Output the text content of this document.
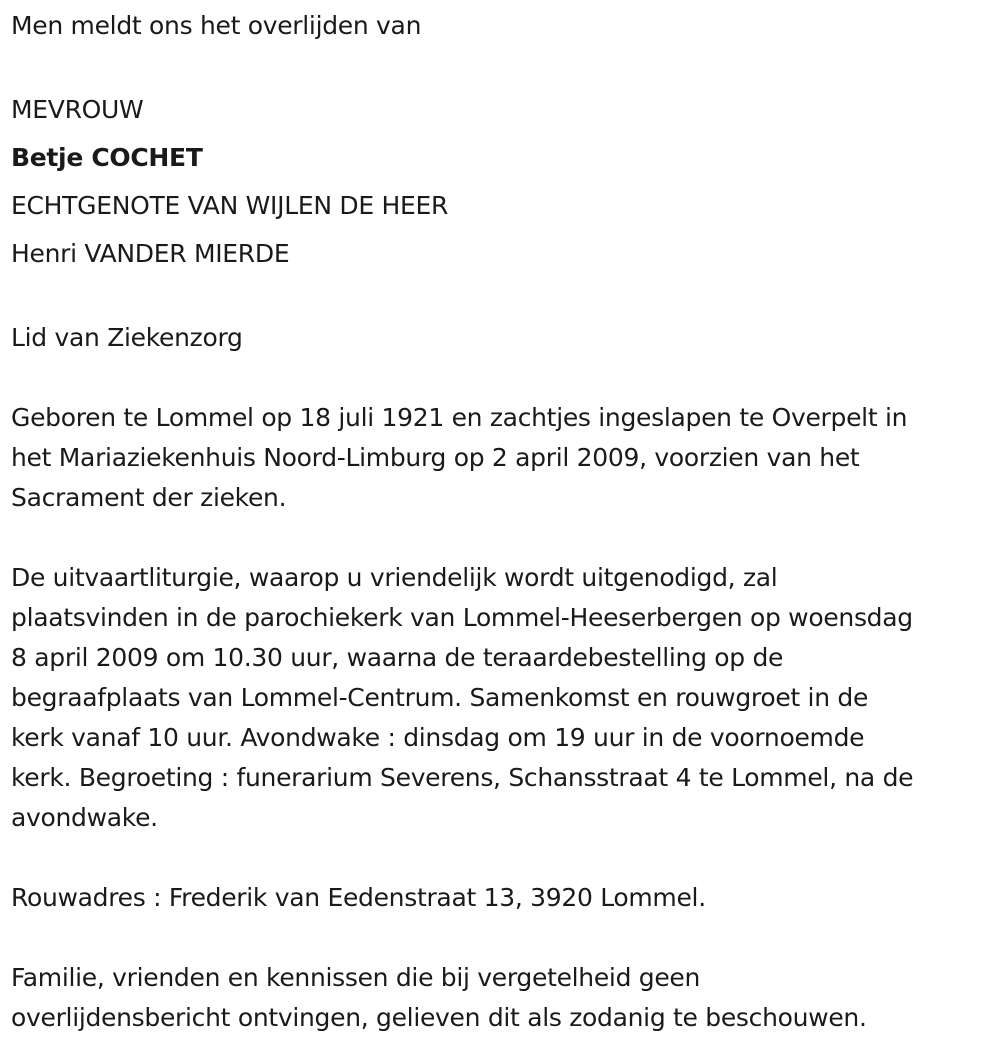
Men meldt ons het overlijden van
MEVROUW
Betje COCHET
ECHTGENOTE VAN WIJLEN DE HEER
Henri VANDER MIERDE
Lid van Ziekenzorg
Geboren te Lommel op 18 juli 1921 en zachtjes ingeslapen te Overpelt in
het Mariaziekenhuis Noord-Limburg op 2 april 2009, voorzien van het
Sacrament der zieken.
De uitvaartliturgie, waarop u vriendelijk wordt uitgenodigd, zal
plaatsvinden in de parochiekerk van Lommel-Heeserbergen op woensdag
8 april 2009 om 10.30 uur, waarna de teraardebestelling op de
begraafplaats van Lommel-Centrum. Samenkomst en rouwgroet in de
kerk vanaf 10 uur. Avondwake : dinsdag om 19 uur in de voornoemde
kerk. Begroeting : funerarium Severens, Schansstraat 4 te Lommel, na de
avondwake.
Rouwadres : Frederik van Eedenstraat 13, 3920 Lommel.
Familie, vrienden en kennissen die bij vergetelheid geen
overlijdensbericht ontvingen, gelieven dit als zodanig te beschouwen.
